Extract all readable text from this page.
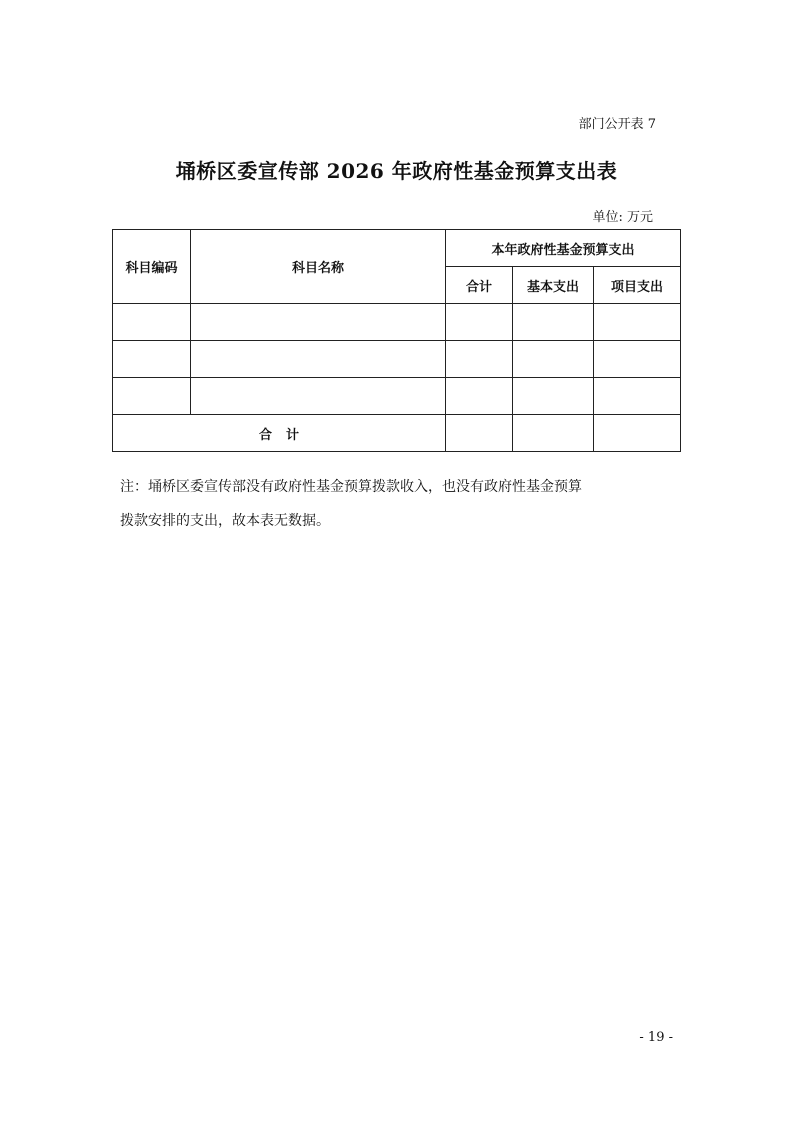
部门公开表 7
埇桥区委宣传部 2026 年政府性基金预算支出表
单位: 万元
科目编码	科目名称	本年政府性基金预算支出		
		合计	基本支出	项目支出

合计				
注：埇桥区委宣传部没有政府性基金预算拨款收入，也没有政府性基金预算
拨款安排的支出，故本表无数据。
- 19 -
